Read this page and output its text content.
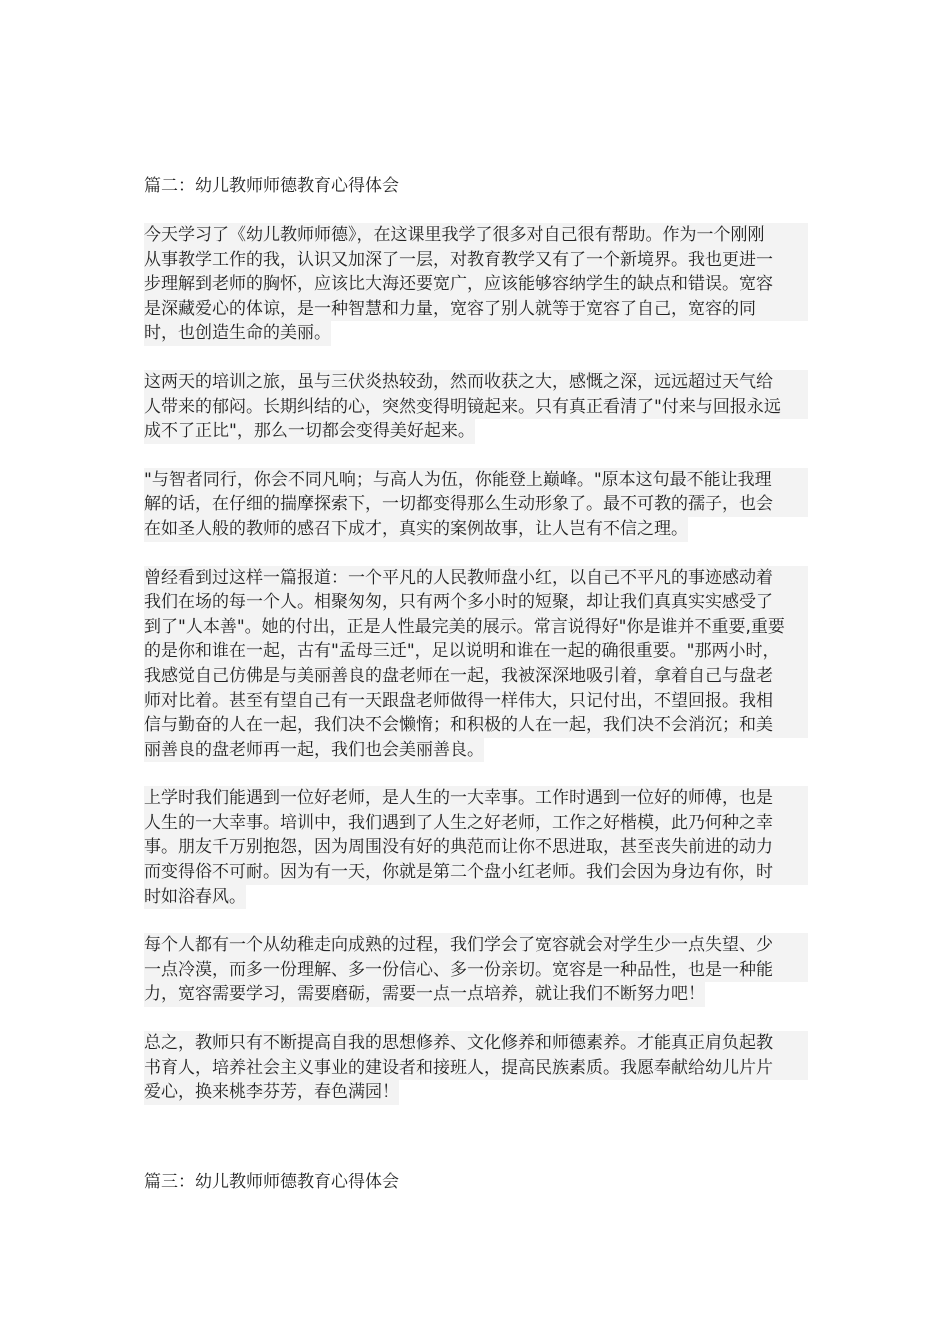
篇二：幼儿教师师德教育心得体会
今天学习了《幼儿教师师德》，在这课里我学了很多对自己很有帮助。作为一个刚刚
从事教学工作的我，认识又加深了一层，对教育教学又有了一个新境界。我也更进一
步理解到老师的胸怀，应该比大海还要宽广，应该能够容纳学生的缺点和错误。宽容
是深藏爱心的体谅，是一种智慧和力量，宽容了别人就等于宽容了自己，宽容的同
时，也创造生命的美丽。
这两天的培训之旅，虽与三伏炎热较劲，然而收获之大，感慨之深，远远超过天气给
人带来的郁闷。长期纠结的心，突然变得明镜起来。只有真正看清了"付来与回报永远
成不了正比"，那么一切都会变得美好起来。
"与智者同行，你会不同凡响；与高人为伍，你能登上巅峰。"原本这句最不能让我理
解的话，在仔细的揣摩探索下，一切都变得那么生动形象了。最不可教的孺子，也会
在如圣人般的教师的感召下成才，真实的案例故事，让人岂有不信之理。
曾经看到过这样一篇报道：一个平凡的人民教师盘小红，以自己不平凡的事迹感动着
我们在场的每一个人。相聚匆匆，只有两个多小时的短聚，却让我们真真实实感受了
到了"人本善"。她的付出，正是人性最完美的展示。常言说得好"你是谁并不重要,重要
的是你和谁在一起，古有"孟母三迁"，足以说明和谁在一起的确很重要。"那两小时，
我感觉自己仿佛是与美丽善良的盘老师在一起，我被深深地吸引着，拿着自己与盘老
师对比着。甚至有望自己有一天跟盘老师做得一样伟大，只记付出，不望回报。我相
信与勤奋的人在一起，我们决不会懒惰；和积极的人在一起，我们决不会消沉；和美
丽善良的盘老师再一起，我们也会美丽善良。
上学时我们能遇到一位好老师，是人生的一大幸事。工作时遇到一位好的师傅，也是
人生的一大幸事。培训中，我们遇到了人生之好老师，工作之好楷模，此乃何种之幸
事。朋友千万别抱怨，因为周围没有好的典范而让你不思进取，甚至丧失前进的动力
而变得俗不可耐。因为有一天，你就是第二个盘小红老师。我们会因为身边有你，时
时如浴春风。
每个人都有一个从幼稚走向成熟的过程，我们学会了宽容就会对学生少一点失望、少
一点冷漠，而多一份理解、多一份信心、多一份亲切。宽容是一种品性，也是一种能
力，宽容需要学习，需要磨砺，需要一点一点培养，就让我们不断努力吧！
总之，教师只有不断提高自我的思想修养、文化修养和师德素养。才能真正肩负起教
书育人，培养社会主义事业的建设者和接班人，提高民族素质。我愿奉献给幼儿片片
爱心，换来桃李芬芳，春色满园！
篇三：幼儿教师师德教育心得体会
